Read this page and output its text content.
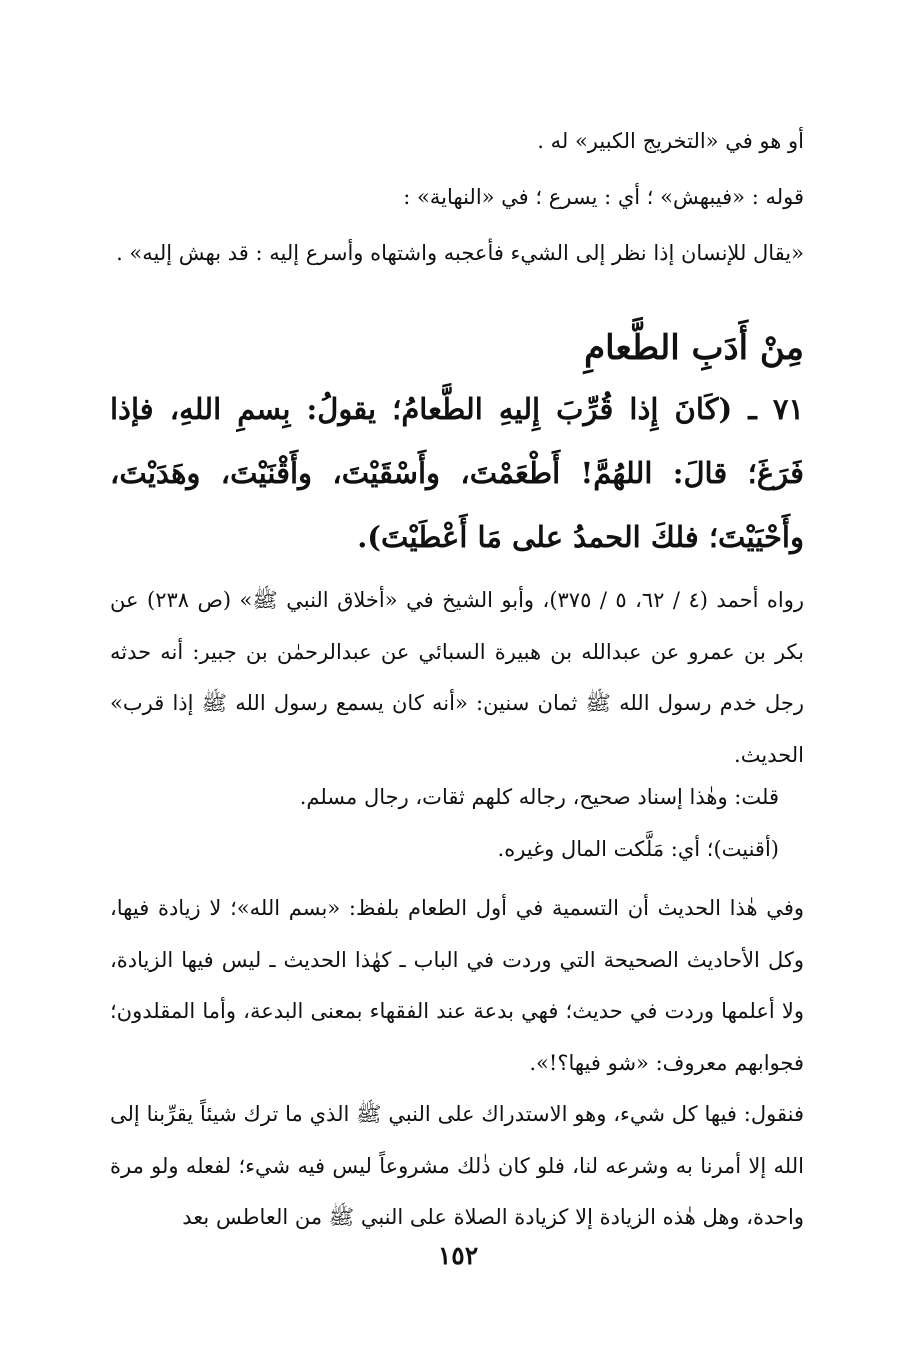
أو هو في «التخريج الكبير» له .
قوله : «فيبهش» ؛ أي : يسرع ؛ في «النهاية» :
«يقال للإنسان إذا نظر إلى الشيء فأعجبه واشتهاه وأسرع إليه : قد بهش إليه» .
مِنْ أَدَبِ الطَّعامِ
٧١ ـ (كَانَ إِذا قُرِّبَ إِليهِ الطَّعامُ؛ يقولُ: بِسمِ اللهِ، فإذا فَرَغَ؛ قالَ: اللهُمَّ! أَطْعَمْتَ، وأَسْقَيْتَ، وأَقْنَيْتَ، وهَدَيْتَ، وأَحْيَيْتَ؛ فلكَ الحمدُ على مَا أَعْطَيْتَ).
رواه أحمد (٤ / ٦٢، ٥ / ٣٧٥)، وأبو الشيخ في «أخلاق النبي ﷺ» (ص ٢٣٨) عن بكر بن عمرو عن عبدالله بن هبيرة السبائي عن عبدالرحمٰن بن جبير: أنه حدثه رجل خدم رسول الله ﷺ ثمان سنين: «أنه كان يسمع رسول الله ﷺ إذا قرب» الحديث.
قلت: وهٰذا إسناد صحيح، رجاله كلهم ثقات، رجال مسلم.
(أقنيت)؛ أي: مَلَّكت المال وغيره.
وفي هٰذا الحديث أن التسمية في أول الطعام بلفظ: «بسم الله»؛ لا زيادة فيها، وكل الأحاديث الصحيحة التي وردت في الباب ـ كهٰذا الحديث ـ ليس فيها الزيادة، ولا أعلمها وردت في حديث؛ فهي بدعة عند الفقهاء بمعنى البدعة، وأما المقلدون؛ فجوابهم معروف: «شو فيها؟!».
فنقول: فيها كل شيء، وهو الاستدراك على النبي ﷺ الذي ما ترك شيئاً يقرِّبنا إلى الله إلا أمرنا به وشرعه لنا، فلو كان ذٰلك مشروعاً ليس فيه شيء؛ لفعله ولو مرة واحدة، وهل هٰذه الزيادة إلا كزيادة الصلاة على النبي ﷺ من العاطس بعد
١٥٢
